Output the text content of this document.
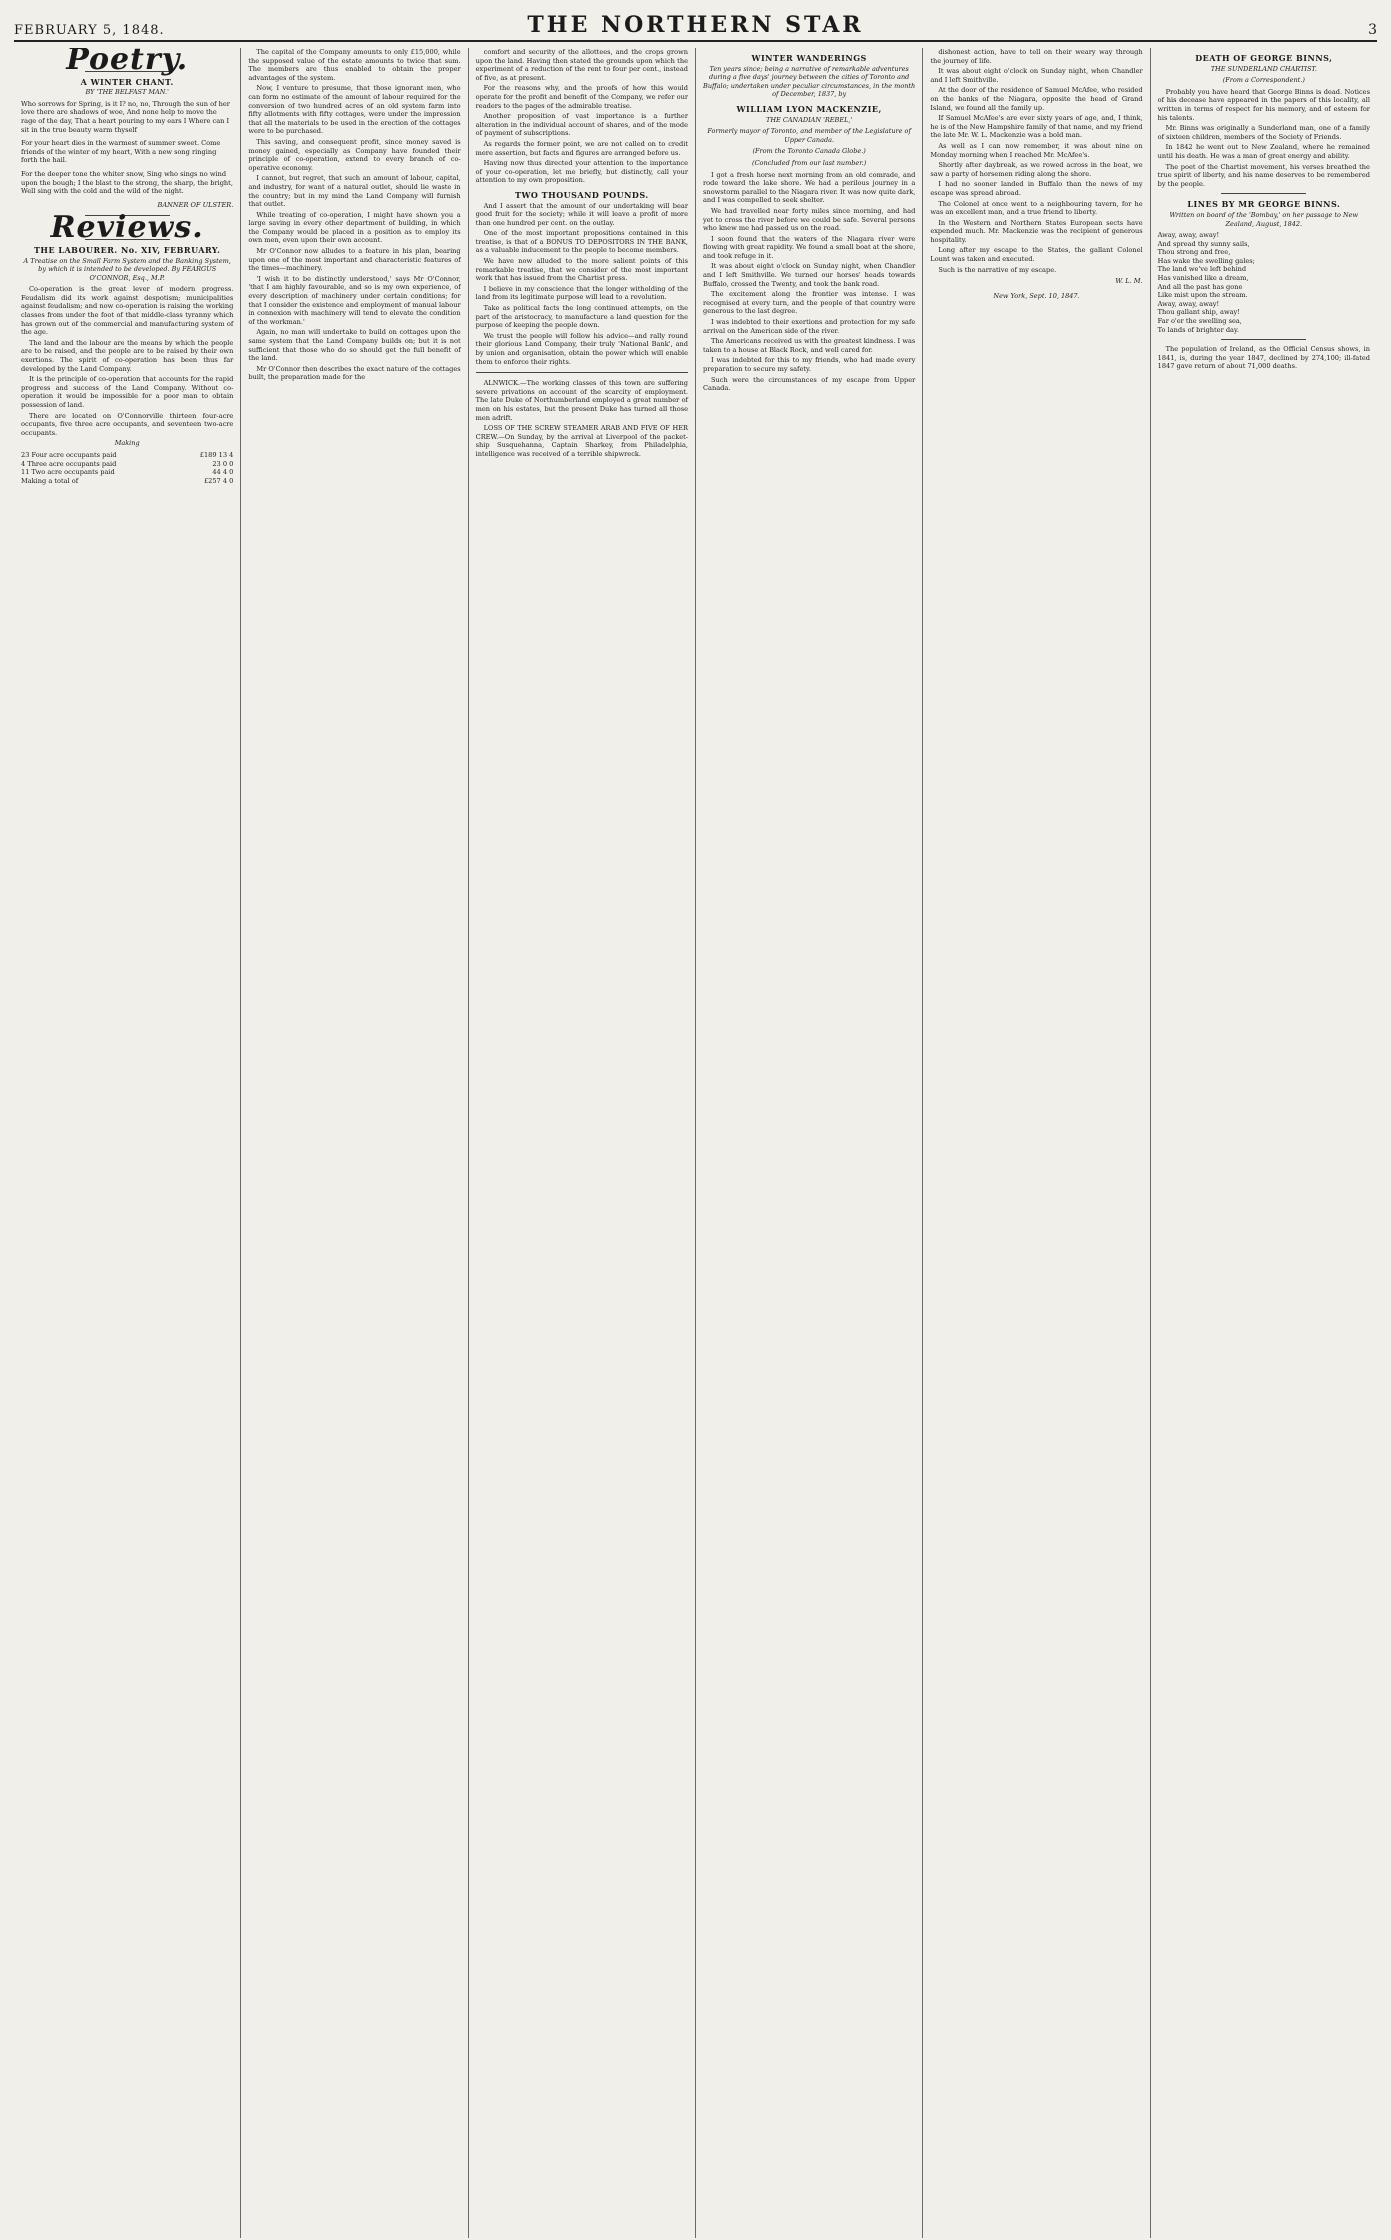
FEBRUARY 5, 1848.	THE NORTHERN STAR	3
Poetry.
A WINTER CHANT.
BY 'THE BELFAST MAN.'

Who sorrows for Spring, is it I? no, no, Through the sun of her love there are shadows of woe, And none help to move the rage of the day, That a heart pouring to my ears I Where can I sit in the true beauty warm thyself

For your heart dies in the warmest of summer sweet. Come friends of the winter of my heart, With a new song ringing forth the hail.

For the deeper tone the whiter snow, Sing who sings no wind upon the bough; I the blast to the strong, the sharp, the bright, Well sing with the cold and the wild of the night.

BANNER OF ULSTER.
Reviews.
THE LABOURER. No. XIV, FEBRUARY.
A Treatise on the Small Farm System and the Banking System, by which it is intended to be developed. By FEARGUS O'CONNOR, Esq., M.P.

Co-operation is the great lever of modern progress. Feudalism did its work against despotism; municipalities against feudalism; and now co-operation is raising the working classes from under the foot of that middle-class tyranny which has grown out of the commercial and manufacturing system of the age.

The land and the labour are the means by which the people are to be raised, and the people are to be raised by their own exertions. The spirit of co-operation has been thus far developed by the Land Company.

It is the principle of co-operation that accounts for the rapid progress and success of the Land Company. Without co-operation it would be impossible for a poor man to obtain possession of land.

There are located on O'Connorville thirteen four-acre occupants, five three acre occupants, and seventeen two-acre occupants.

Making
23 Four acre occupants paid	£189 13 4
4 Three acre occupants paid	23 0 0
11 Two acre occupants paid	44 4 0
Making a total of	£257 4 0

The capital of the Company amounts to only £15,000, while the supposed value of the estate amounts to twice that sum. The members are thus enabled to obtain the proper advantages of the system.

Now, I venture to presume, that those ignorant men, who can form no estimate of the amount of labour required for the conversion of two hundred acres of an old system farm into fifty allotments with fifty cottages, were under the impression that all the materials to be used in the erection of the cottages were to be purchased.

This saving, and consequent profit, since money saved is money gained, especially as Company have founded their principle of co-operation, extend to every branch of co-operative economy.

I cannot, but regret, that such an amount of labour, capital, and industry, for want of a natural outlet, should lie waste in the country; but in my mind the Land Company will furnish that outlet.

While treating of co-operation, I might have shown you a large saving in every other department of building, in which the Company would be placed in a position as to employ its own men, even upon their own account.

Mr O'Connor now alludes to a feature in his plan, bearing upon one of the most important and characteristic features of the times—machinery.

'I wish it to be distinctly understood,' says Mr O'Connor, 'that I am highly favourable, and so is my own experience, of every description of machinery under certain conditions; for that I consider the existence and employment of manual labour in connexion with machinery will tend to elevate the condition of the workman.'

Again, no man will undertake to build on cottages upon the same system that the Land Company builds on; but it is not sufficient that those who do so should get the full benefit of the land.

Mr O'Connor then describes the exact nature of the cottages built, the preparation made for the

comfort and security of the allottees, and the crops grown upon the land. Having then stated the grounds upon which the experiment of a reduction of the rent to four per cent., instead of five, as at present.

For the reasons why, and the proofs of how this would operate for the profit and benefit of the Company, we refer our readers to the pages of the admirable treatise.

Another proposition of vast importance is a further alteration in the individual account of shares, and of the mode of payment of subscriptions.

As regards the former point, we are not called on to credit mere assertion, but facts and figures are arranged before us.

Having now thus directed your attention to the importance of your co-operation, let me briefly, but distinctly, call your attention to my own proposition.

TWO THOUSAND POUNDS.

And I assert that the amount of our undertaking will bear good fruit for the society; while it will leave a profit of more than one hundred per cent. on the outlay.

One of the most important propositions contained in this treatise, is that of a BONUS TO DEPOSITORS IN THE BANK, as a valuable inducement to the people to become members.

We have now alluded to the more salient points of this remarkable treatise, that we consider of the most important work that has issued from the Chartist press.

I believe in my conscience that the longer witholding of the land from its legitimate purpose will lead to a revolution.

Take as political facts the long continued attempts, on the part of the aristocracy, to manufacture a land question for the purpose of keeping the people down.

We trust the people will follow his advice—and rally round their glorious Land Company, their truly 'National Bank', and by union and organisation, obtain the power which will enable them to enforce their rights.

ALNWICK.—The working classes of this town are suffering severe privations on account of the scarcity of employment. The late Duke of Northumberland employed a great number of men on his estates, but the present Duke has turned all those men adrift.

LOSS OF THE SCREW STEAMER ARAB AND FIVE OF HER CREW.—On Sunday, by the arrival at Liverpool of the packet-ship Susquehanna, Captain Sharkey, from Philadelphia, intelligence was received of a terrible shipwreck.

WINTER WANDERINGS
Ten years since; being a narrative of remarkable adventures during a five days' journey between the cities of Toronto and Buffalo; undertaken under peculiar circumstances, in the month of December, 1837, by
WILLIAM LYON MACKENZIE,
THE CANADIAN 'REBEL,'
Formerly mayor of Toronto, and member of the Legislature of Upper Canada.
(From the Toronto Canada Globe.)
(Concluded from our last number.)

I got a fresh horse next morning from an old comrade, and rode toward the lake shore. We had a perilous journey in a snowstorm parallel to the Niagara river. It was now quite dark, and I was compelled to seek shelter.

We had travelled near forty miles since morning, and had yet to cross the river before we could be safe. Several persons who knew me had passed us on the road.

I soon found that the waters of the Niagara river were flowing with great rapidity. We found a small boat at the shore, and took refuge in it.

It was about eight o'clock on Sunday night, when Chandler and I left Smithville. We turned our horses' heads towards Buffalo, crossed the Twenty, and took the bank road.

The excitement along the frontier was intense. I was recognised at every turn, and the people of that country were generous to the last degree.

I was indebted to their exertions and protection for my safe arrival on the American side of the river.

The Americans received us with the greatest kindness. I was taken to a house at Black Rock, and well cared for.

I was indebted for this to my friends, who had made every preparation to secure my safety.

Such were the circumstances of my escape from Upper Canada.

dishonest action, have to tell on their weary way through the journey of life.

It was about eight o'clock on Sunday night, when Chandler and I left Smithville.

At the door of the residence of Samuel McAfee, who resided on the banks of the Niagara, opposite the head of Grand Island, we found all the family up.

If Samuel McAfee's are ever sixty years of age, and, I think, he is of the New Hampshire family of that name, and my friend the late Mr. W. L. Mackenzie was a bold man.

As well as I can now remember, it was about nine on Monday morning when I reached Mr. McAfee's.

Shortly after daybreak, as we rowed across in the boat, we saw a party of horsemen riding along the shore.

I had no sooner landed in Buffalo than the news of my escape was spread abroad.

The Colonel at once went to a neighbouring tavern, for he was an excellent man, and a true friend to liberty.

In the Western and Northern States European sects have expended much. Mr. Mackenzie was the recipient of generous hospitality.

Long after my escape to the States, the gallant Colonel Lount was taken and executed.

Such is the narrative of my escape.

W. L. M.
New York, Sept. 10, 1847.
DEATH OF GEORGE BINNS,
THE SUNDERLAND CHARTIST.
(From a Correspondent.)

Probably you have heard that George Binns is dead. Notices of his decease have appeared in the papers of this locality, all written in terms of respect for his memory, and of esteem for his talents.

Mr. Binns was originally a Sunderland man, one of a family of sixteen children, members of the Society of Friends.

In 1842 he went out to New Zealand, where he remained until his death. He was a man of great energy and ability.

The poet of the Chartist movement, his verses breathed the true spirit of liberty, and his name deserves to be remembered by the people.

LINES BY MR GEORGE BINNS.
Written on board of the 'Bombay,' on her passage to New Zealand, August, 1842.

Away, away, away!

And spread thy sunny sails,

Thou strong and free,

Has wake the swelling gales;

The land we've left behind

Has vanished like a dream,

And all the past has gone

Like mist upon the stream.

Away, away, away!

Thou gallant ship, away!

Far o'er the swelling sea,

To lands of brighter day.

The population of Ireland, as the Official Census shows, in 1841, is, during the year 1847, declined by 274,100; ill-fated 1847 gave return of about 71,000 deaths.
